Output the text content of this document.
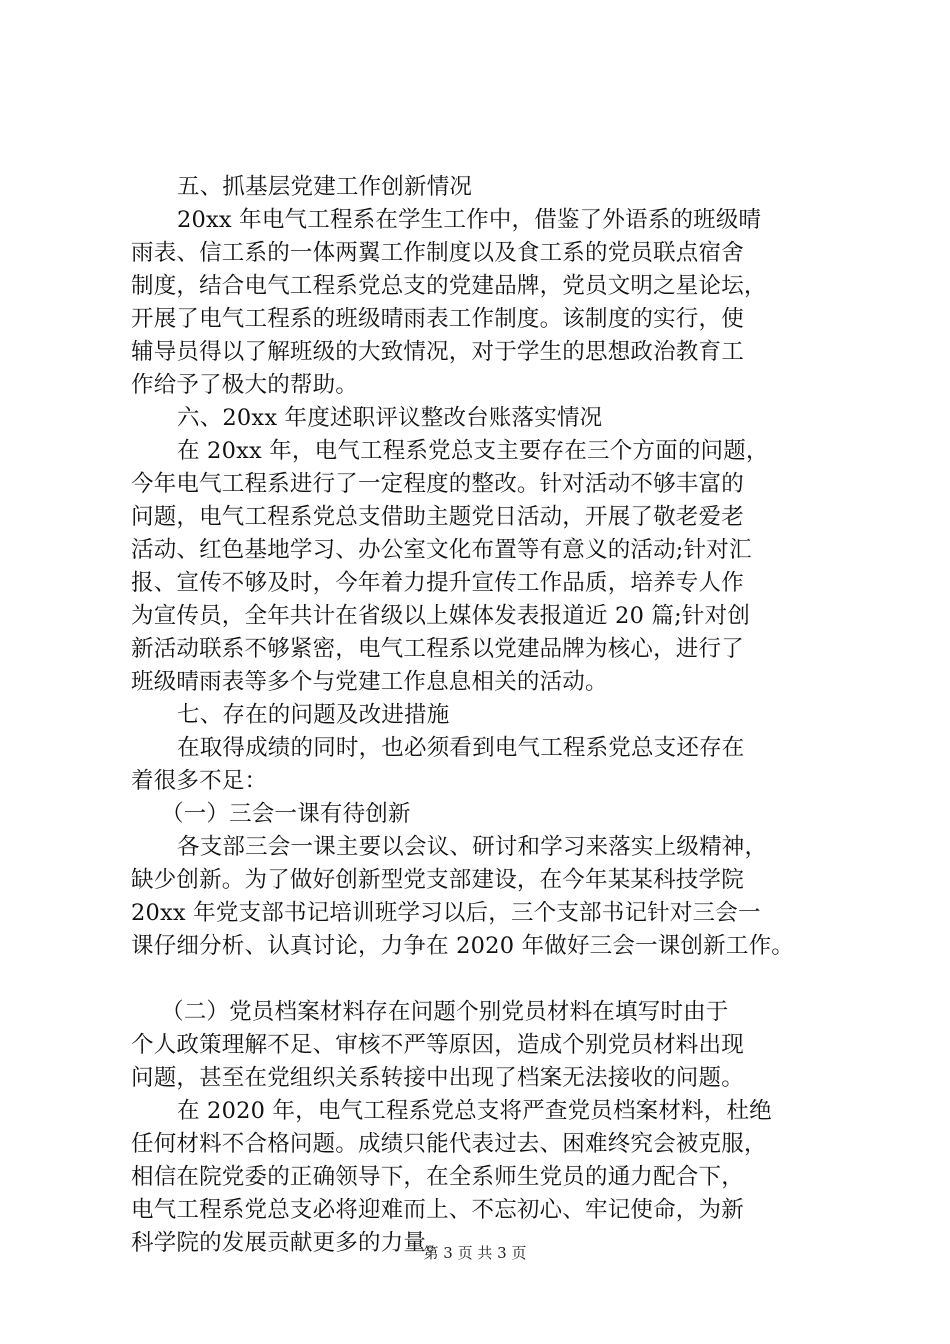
五、抓基层党建工作创新情况
20xx 年电气工程系在学生工作中，借鉴了外语系的班级晴
雨表、信工系的一体两翼工作制度以及食工系的党员联点宿舍
制度，结合电气工程系党总支的党建品牌，党员文明之星论坛，
开展了电气工程系的班级晴雨表工作制度。该制度的实行，使
辅导员得以了解班级的大致情况，对于学生的思想政治教育工
作给予了极大的帮助。
六、20xx 年度述职评议整改台账落实情况
在 20xx 年，电气工程系党总支主要存在三个方面的问题，
今年电气工程系进行了一定程度的整改。针对活动不够丰富的
问题，电气工程系党总支借助主题党日活动，开展了敬老爱老
活动、红色基地学习、办公室文化布置等有意义的活动;针对汇
报、宣传不够及时，今年着力提升宣传工作品质，培养专人作
为宣传员，全年共计在省级以上媒体发表报道近 20 篇;针对创
新活动联系不够紧密，电气工程系以党建品牌为核心，进行了
班级晴雨表等多个与党建工作息息相关的活动。
七、存在的问题及改进措施
在取得成绩的同时，也必须看到电气工程系党总支还存在
着很多不足：
（一）三会一课有待创新
各支部三会一课主要以会议、研讨和学习来落实上级精神，
缺少创新。为了做好创新型党支部建设，在今年某某科技学院
20xx 年党支部书记培训班学习以后，三个支部书记针对三会一
课仔细分析、认真讨论，力争在 2020 年做好三会一课创新工作。
（二）党员档案材料存在问题个别党员材料在填写时由于
个人政策理解不足、审核不严等原因，造成个别党员材料出现
问题，甚至在党组织关系转接中出现了档案无法接收的问题。
在 2020 年，电气工程系党总支将严查党员档案材料，杜绝
任何材料不合格问题。成绩只能代表过去、困难终究会被克服，
相信在院党委的正确领导下，在全系师生党员的通力配合下，
电气工程系党总支必将迎难而上、不忘初心、牢记使命，为新
科学院的发展贡献更多的力量。
第 3 页 共 3 页
